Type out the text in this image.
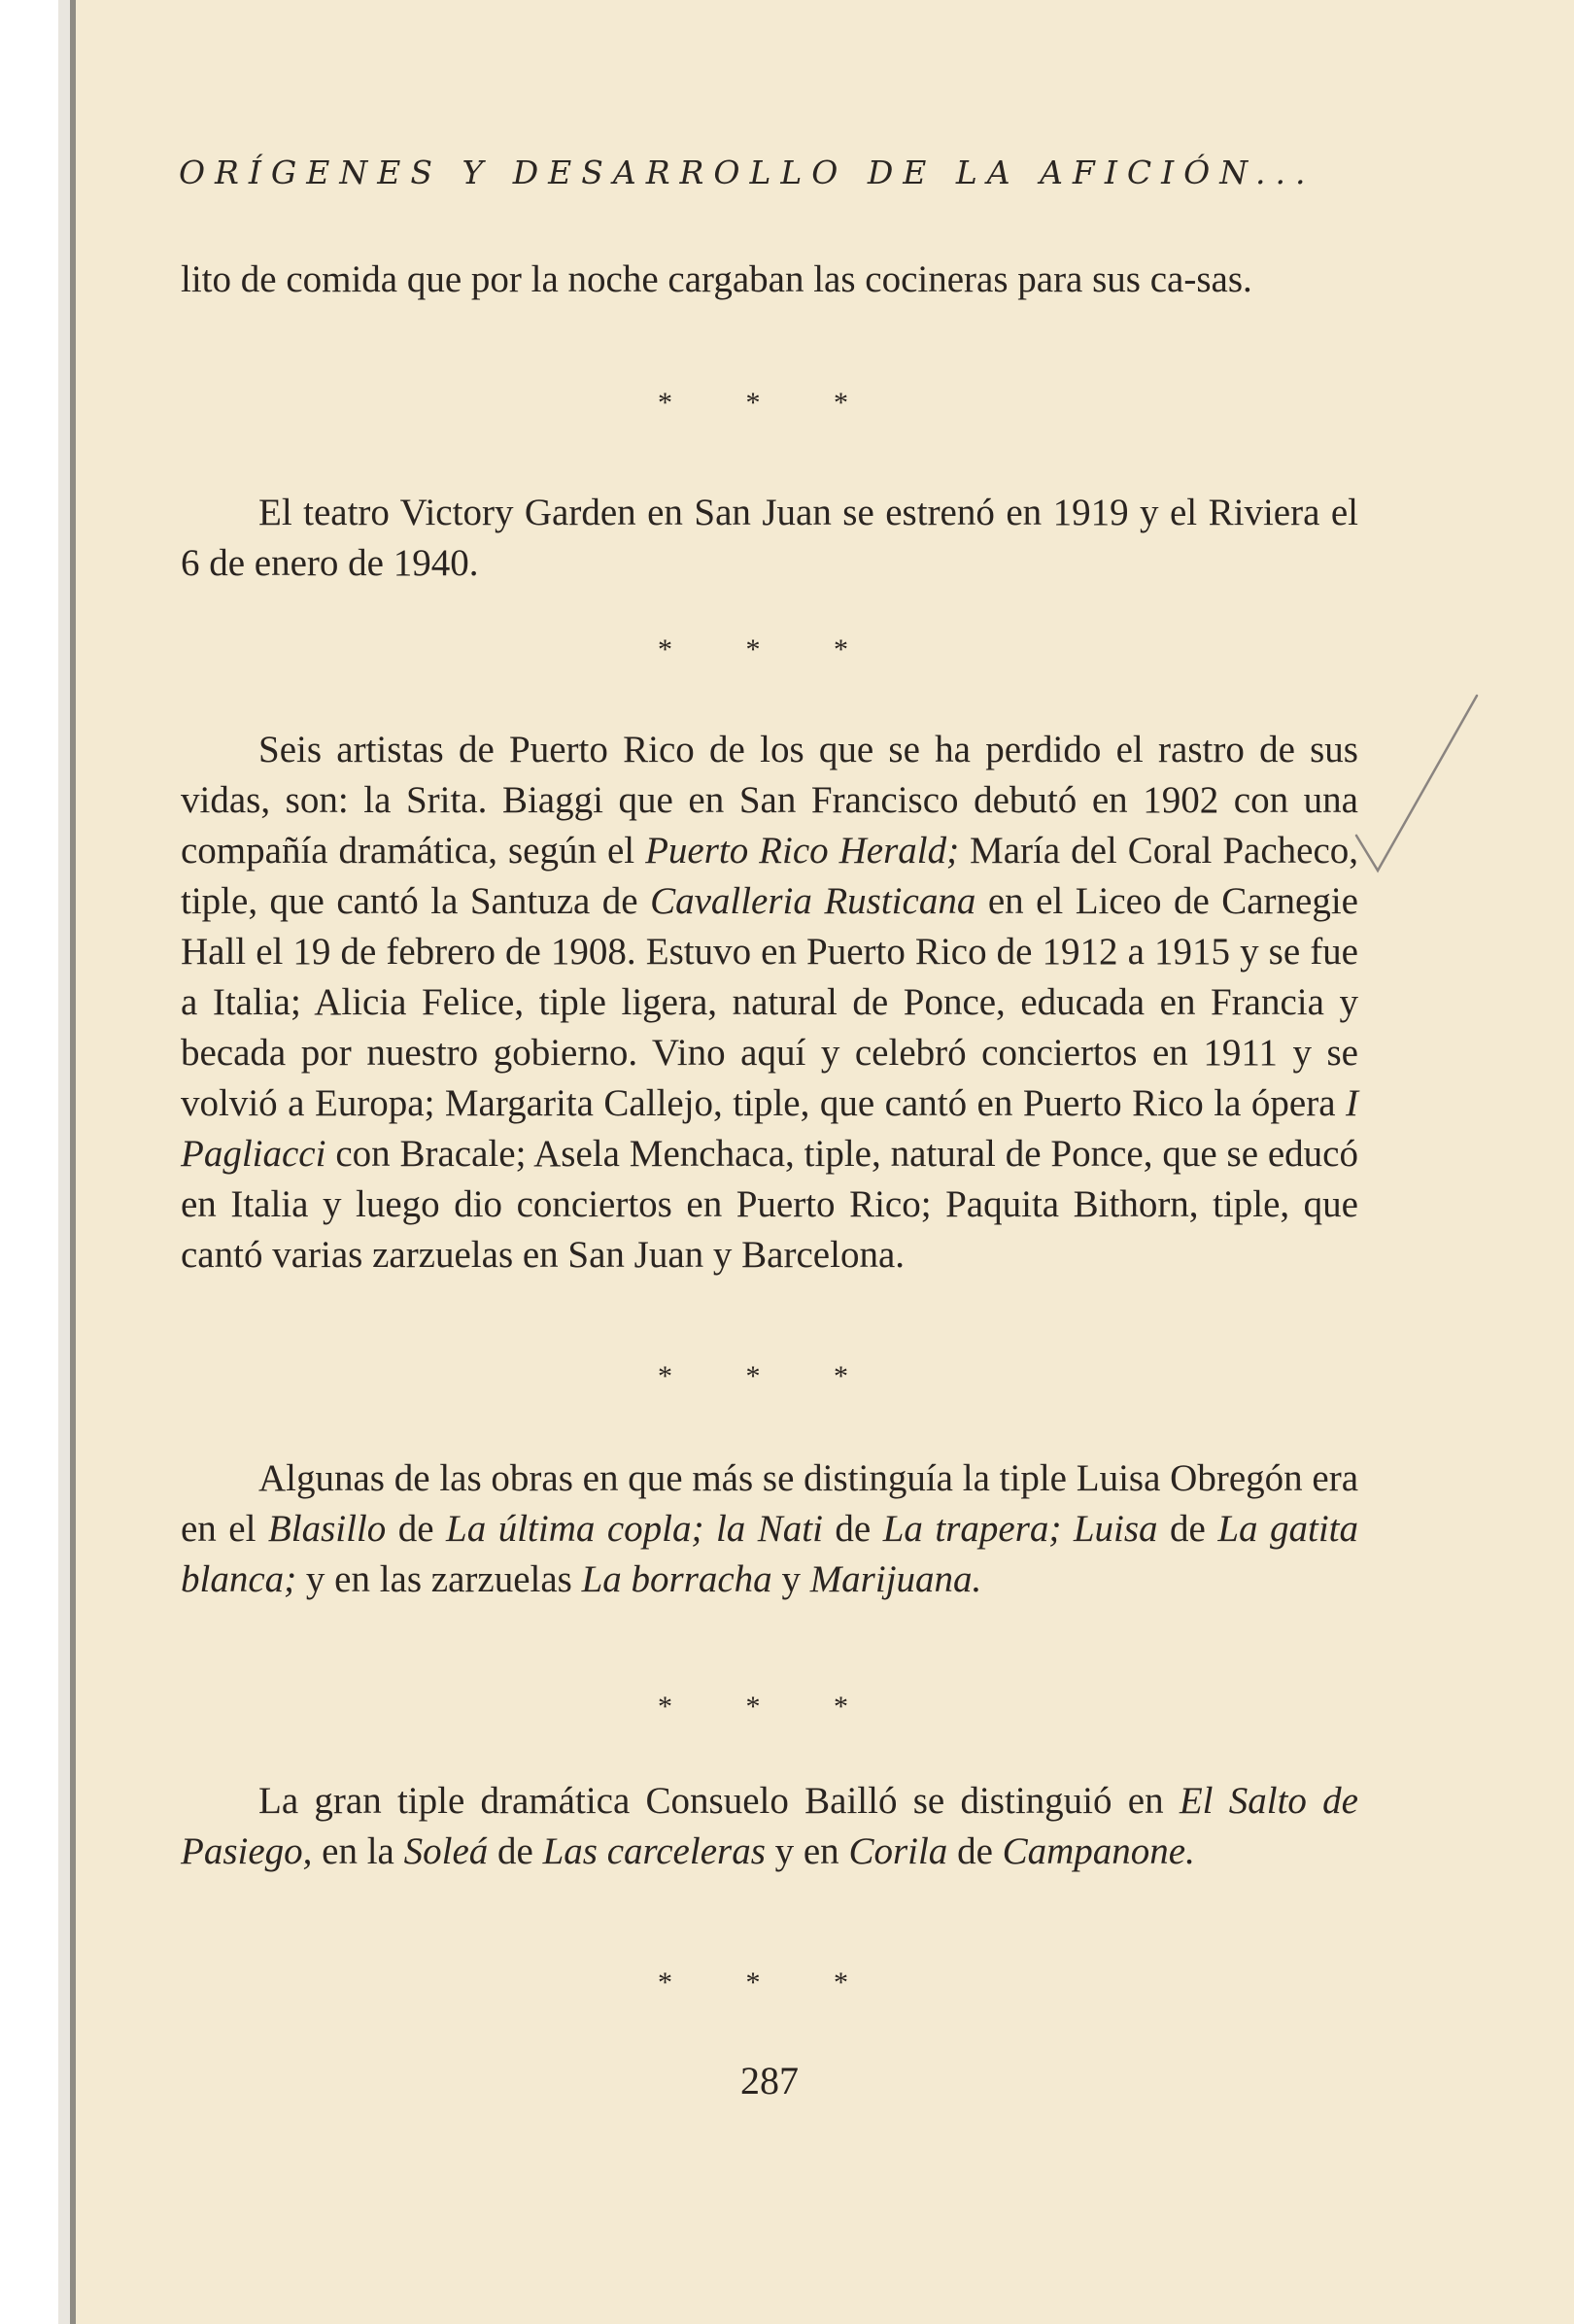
ORÍGENES Y DESARROLLO DE LA AFICIÓN...

lito de comida que por la noche cargaban las cocineras para sus ca-sas.

* * *

El teatro Victory Garden en San Juan se estrenó en 1919 y el Riviera el 6 de enero de 1940.

* * *

Seis artistas de Puerto Rico de los que se ha perdido el rastro de sus vidas, son: la Srita. Biaggi que en San Francisco debutó en 1902 con una compañía dramática, según el Puerto Rico Herald; María del Coral Pacheco, tiple, que cantó la Santuza de Cavalleria Rusticana en el Liceo de Carnegie Hall el 19 de febrero de 1908. Estuvo en Puerto Rico de 1912 a 1915 y se fue a Italia; Alicia Felice, tiple ligera, natural de Ponce, educada en Francia y becada por nuestro gobierno. Vino aquí y celebró conciertos en 1911 y se volvió a Europa; Margarita Callejo, tiple, que cantó en Puerto Rico la ópera I Pagliacci con Bracale; Asela Menchaca, tiple, natural de Ponce, que se educó en Italia y luego dio conciertos en Puerto Rico; Paquita Bithorn, tiple, que cantó varias zarzuelas en San Juan y Barcelona.

* * *

Algunas de las obras en que más se distinguía la tiple Luisa Obregón era en el Blasillo de La última copla; la Nati de La trapera; Luisa de La gatita blanca; y en las zarzuelas La borracha y Marijuana.

* * *

La gran tiple dramática Consuelo Bailló se distinguió en El Salto de Pasiego, en la Soleá de Las carceleras y en Corila de Campanone.

* * *
287
